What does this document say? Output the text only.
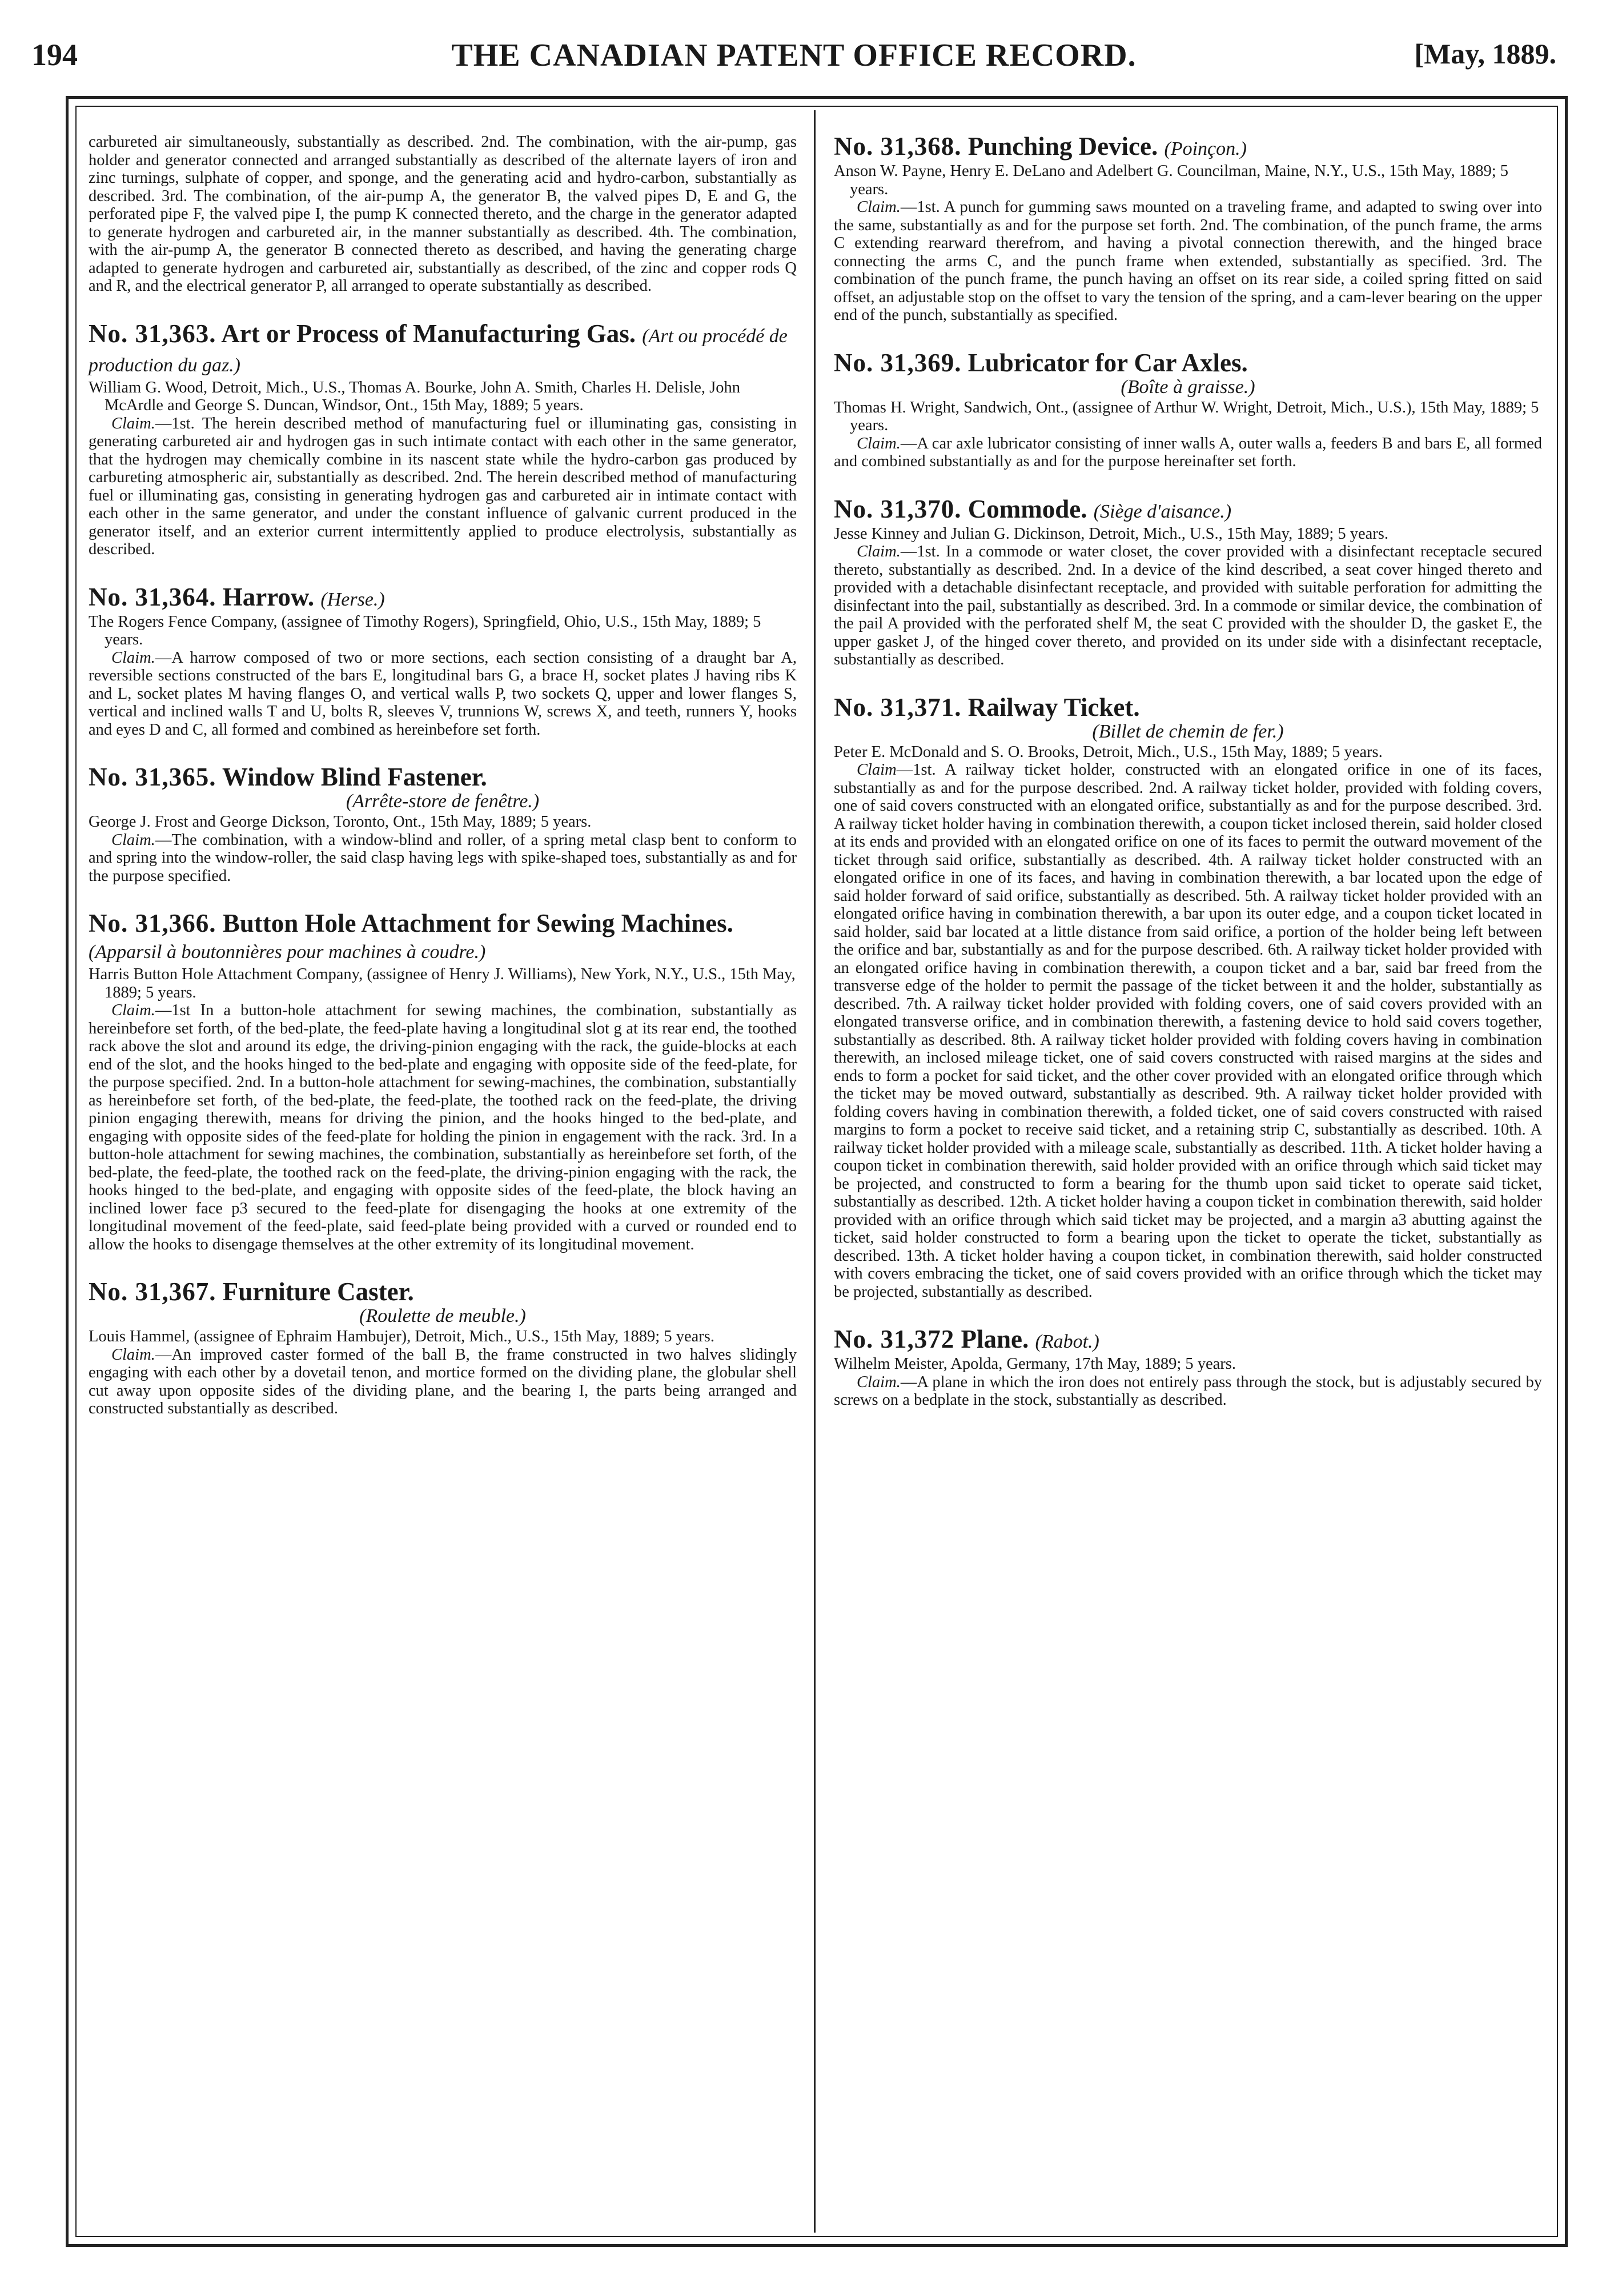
194	THE CANADIAN PATENT OFFICE RECORD.	[May, 1889.

carbureted air simultaneously, substantially as described. 2nd. The combination, with the air-pump, gas holder and generator connected and arranged substantially as described of the alternate layers of iron and zinc turnings, sulphate of copper, and sponge, and the generating acid and hydro-carbon, substantially as described. 3rd. The combination, of the air-pump A, the generator B, the valved pipes D, E and G, the perforated pipe F, the valved pipe I, the pump K connected thereto, and the charge in the generator adapted to generate hydrogen and carbureted air, in the manner substantially as described. 4th. The combination, with the air-pump A, the generator B connected thereto as described, and having the generating charge adapted to generate hydrogen and carbureted air, substantially as described, of the zinc and copper rods Q and R, and the electrical generator P, all arranged to operate substantially as described.

No. 31,363. Art or Process of Manufacturing Gas. (Art ou procédé de production du gaz.)

William G. Wood, Detroit, Mich., U.S., Thomas A. Bourke, John A. Smith, Charles H. Delisle, John McArdle and George S. Duncan, Windsor, Ont., 15th May, 1889; 5 years.

Claim.—1st. The herein described method of manufacturing fuel or illuminating gas, consisting in generating carbureted air and hydrogen gas in such intimate contact with each other in the same generator, that the hydrogen may chemically combine in its nascent state while the hydro-carbon gas produced by carbureting atmospheric air, substantially as described. 2nd. The herein described method of manufacturing fuel or illuminating gas, consisting in generating hydrogen gas and carbureted air in intimate contact with each other in the same generator, and under the constant influence of galvanic current produced in the generator itself, and an exterior current intermittently applied to produce electrolysis, substantially as described.

No. 31,364. Harrow. (Herse.)

The Rogers Fence Company, (assignee of Timothy Rogers), Springfield, Ohio, U.S., 15th May, 1889; 5 years.

Claim.—A harrow composed of two or more sections, each section consisting of a draught bar A, reversible sections constructed of the bars E, longitudinal bars G, a brace H, socket plates J having ribs K and L, socket plates M having flanges O, and vertical walls P, two sockets Q, upper and lower flanges S, vertical and inclined walls T and U, bolts R, sleeves V, trunnions W, screws X, and teeth, runners Y, hooks and eyes D and C, all formed and combined as hereinbefore set forth.

No. 31,365. Window Blind Fastener.

(Arrête-store de fenêtre.)

George J. Frost and George Dickson, Toronto, Ont., 15th May, 1889; 5 years.

Claim.—The combination, with a window-blind and roller, of a spring metal clasp bent to conform to and spring into the window-roller, the said clasp having legs with spike-shaped toes, substantially as and for the purpose specified.

No. 31,366. Button Hole Attachment for Sewing Machines. (Apparsil à boutonnières pour machines à coudre.)

Harris Button Hole Attachment Company, (assignee of Henry J. Williams), New York, N.Y., U.S., 15th May, 1889; 5 years.

Claim.—1st In a button-hole attachment for sewing machines, the combination, substantially as hereinbefore set forth, of the bed-plate, the feed-plate having a longitudinal slot g at its rear end, the toothed rack above the slot and around its edge, the driving-pinion engaging with the rack, the guide-blocks at each end of the slot, and the hooks hinged to the bed-plate and engaging with opposite side of the feed-plate, for the purpose specified. 2nd. In a button-hole attachment for sewing-machines, the combination, substantially as hereinbefore set forth, of the bed-plate, the feed-plate, the toothed rack on the feed-plate, the driving pinion engaging therewith, means for driving the pinion, and the hooks hinged to the bed-plate, and engaging with opposite sides of the feed-plate for holding the pinion in engagement with the rack. 3rd. In a button-hole attachment for sewing machines, the combination, substantially as hereinbefore set forth, of the bed-plate, the feed-plate, the toothed rack on the feed-plate, the driving-pinion engaging with the rack, the hooks hinged to the bed-plate, and engaging with opposite sides of the feed-plate, the block having an inclined lower face p3 secured to the feed-plate for disengaging the hooks at one extremity of the longitudinal movement of the feed-plate, said feed-plate being provided with a curved or rounded end to allow the hooks to disengage themselves at the other extremity of its longitudinal movement.

No. 31,367. Furniture Caster.

(Roulette de meuble.)

Louis Hammel, (assignee of Ephraim Hambujer), Detroit, Mich., U.S., 15th May, 1889; 5 years.

Claim.—An improved caster formed of the ball B, the frame constructed in two halves slidingly engaging with each other by a dovetail tenon, and mortice formed on the dividing plane, the globular shell cut away upon opposite sides of the dividing plane, and the bearing I, the parts being arranged and constructed substantially as described.

No. 31,368. Punching Device. (Poinçon.)

Anson W. Payne, Henry E. DeLano and Adelbert G. Councilman, Maine, N.Y., U.S., 15th May, 1889; 5 years.

Claim.—1st. A punch for gumming saws mounted on a traveling frame, and adapted to swing over into the same, substantially as and for the purpose set forth. 2nd. The combination, of the punch frame, the arms C extending rearward therefrom, and having a pivotal connection therewith, and the hinged brace connecting the arms C, and the punch frame when extended, substantially as specified. 3rd. The combination of the punch frame, the punch having an offset on its rear side, a coiled spring fitted on said offset, an adjustable stop on the offset to vary the tension of the spring, and a cam-lever bearing on the upper end of the punch, substantially as specified.

No. 31,369. Lubricator for Car Axles.

(Boîte à graisse.)

Thomas H. Wright, Sandwich, Ont., (assignee of Arthur W. Wright, Detroit, Mich., U.S.), 15th May, 1889; 5 years.

Claim.—A car axle lubricator consisting of inner walls A, outer walls a, feeders B and bars E, all formed and combined substantially as and for the purpose hereinafter set forth.

No. 31,370. Commode. (Siège d'aisance.)

Jesse Kinney and Julian G. Dickinson, Detroit, Mich., U.S., 15th May, 1889; 5 years.

Claim.—1st. In a commode or water closet, the cover provided with a disinfectant receptacle secured thereto, substantially as described. 2nd. In a device of the kind described, a seat cover hinged thereto and provided with a detachable disinfectant receptacle, and provided with suitable perforation for admitting the disinfectant into the pail, substantially as described. 3rd. In a commode or similar device, the combination of the pail A provided with the perforated shelf M, the seat C provided with the shoulder D, the gasket E, the upper gasket J, of the hinged cover thereto, and provided on its under side with a disinfectant receptacle, substantially as described.

No. 31,371. Railway Ticket.

(Billet de chemin de fer.)

Peter E. McDonald and S. O. Brooks, Detroit, Mich., U.S., 15th May, 1889; 5 years.

Claim—1st. A railway ticket holder, constructed with an elongated orifice in one of its faces, substantially as and for the purpose described. 2nd. A railway ticket holder, provided with folding covers, one of said covers constructed with an elongated orifice, substantially as and for the purpose described. 3rd. A railway ticket holder having in combination therewith, a coupon ticket inclosed therein, said holder closed at its ends and provided with an elongated orifice on one of its faces to permit the outward movement of the ticket through said orifice, substantially as described. 4th. A railway ticket holder constructed with an elongated orifice in one of its faces, and having in combination therewith, a bar located upon the edge of said holder forward of said orifice, substantially as described. 5th. A railway ticket holder provided with an elongated orifice having in combination therewith, a bar upon its outer edge, and a coupon ticket located in said holder, said bar located at a little distance from said orifice, a portion of the holder being left between the orifice and bar, substantially as and for the purpose described. 6th. A railway ticket holder provided with an elongated orifice having in combination therewith, a coupon ticket and a bar, said bar freed from the transverse edge of the holder to permit the passage of the ticket between it and the holder, substantially as described. 7th. A railway ticket holder provided with folding covers, one of said covers provided with an elongated transverse orifice, and in combination therewith, a fastening device to hold said covers together, substantially as described. 8th. A railway ticket holder provided with folding covers having in combination therewith, an inclosed mileage ticket, one of said covers constructed with raised margins at the sides and ends to form a pocket for said ticket, and the other cover provided with an elongated orifice through which the ticket may be moved outward, substantially as described. 9th. A railway ticket holder provided with folding covers having in combination therewith, a folded ticket, one of said covers constructed with raised margins to form a pocket to receive said ticket, and a retaining strip C, substantially as described. 10th. A railway ticket holder provided with a mileage scale, substantially as described. 11th. A ticket holder having a coupon ticket in combination therewith, said holder provided with an orifice through which said ticket may be projected, and constructed to form a bearing for the thumb upon said ticket to operate said ticket, substantially as described. 12th. A ticket holder having a coupon ticket in combination therewith, said holder provided with an orifice through which said ticket may be projected, and a margin a3 abutting against the ticket, said holder constructed to form a bearing upon the ticket to operate the ticket, substantially as described. 13th. A ticket holder having a coupon ticket, in combination therewith, said holder constructed with covers embracing the ticket, one of said covers provided with an orifice through which the ticket may be projected, substantially as described.

No. 31,372 Plane. (Rabot.)

Wilhelm Meister, Apolda, Germany, 17th May, 1889; 5 years.

Claim.—A plane in which the iron does not entirely pass through the stock, but is adjustably secured by screws on a bedplate in the stock, substantially as described.
